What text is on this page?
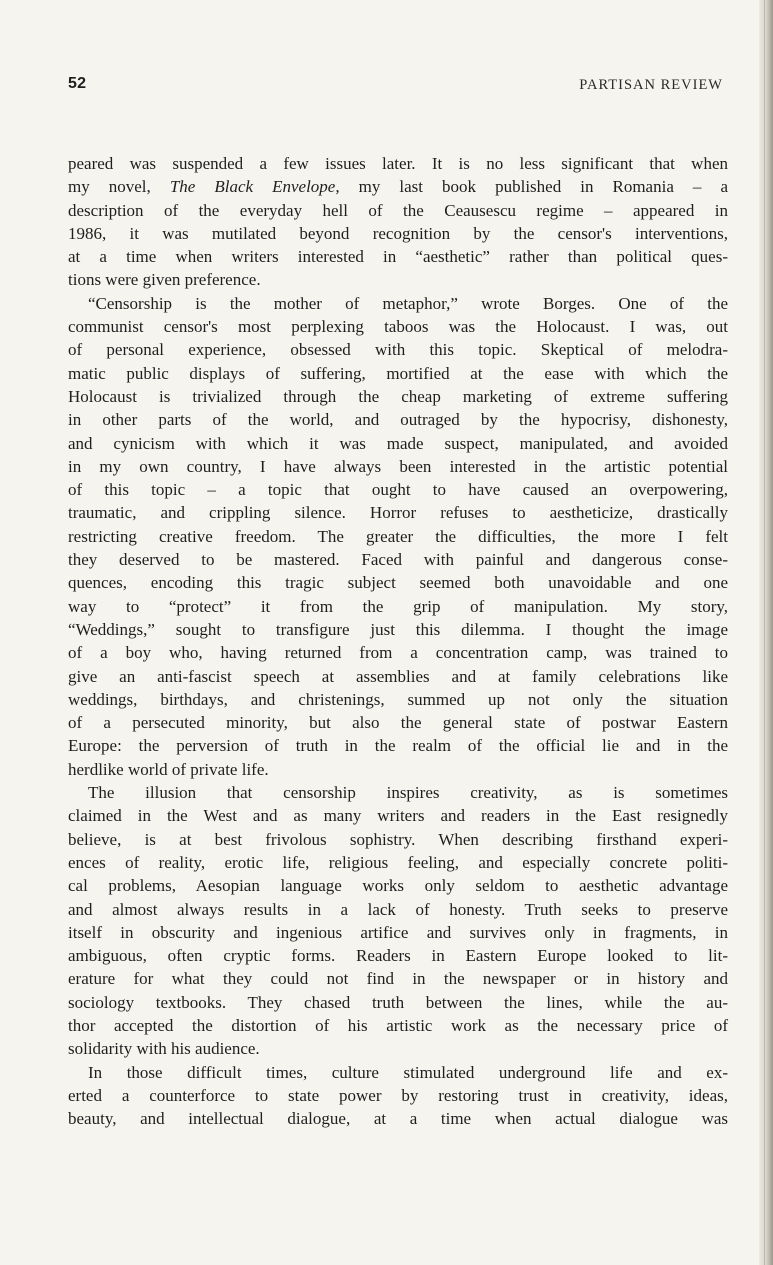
52	PARTISAN REVIEW

peared was suspended a few issues later. It is no less significant that when
my novel, The Black Envelope, my last book published in Romania – a
description of the everyday hell of the Ceausescu regime – appeared in
1986, it was mutilated beyond recognition by the censor's interventions,
at a time when writers interested in “aesthetic” rather than political ques-
tions were given preference.

“Censorship is the mother of metaphor,” wrote Borges. One of the
communist censor's most perplexing taboos was the Holocaust. I was, out
of personal experience, obsessed with this topic. Skeptical of melodra-
matic public displays of suffering, mortified at the ease with which the
Holocaust is trivialized through the cheap marketing of extreme suffering
in other parts of the world, and outraged by the hypocrisy, dishonesty,
and cynicism with which it was made suspect, manipulated, and avoided
in my own country, I have always been interested in the artistic potential
of this topic – a topic that ought to have caused an overpowering,
traumatic, and crippling silence. Horror refuses to aestheticize, drastically
restricting creative freedom. The greater the difficulties, the more I felt
they deserved to be mastered. Faced with painful and dangerous conse-
quences, encoding this tragic subject seemed both unavoidable and one
way to “protect” it from the grip of manipulation. My story,
“Weddings,” sought to transfigure just this dilemma. I thought the image
of a boy who, having returned from a concentration camp, was trained to
give an anti-fascist speech at assemblies and at family celebrations like
weddings, birthdays, and christenings, summed up not only the situation
of a persecuted minority, but also the general state of postwar Eastern
Europe: the perversion of truth in the realm of the official lie and in the
herdlike world of private life.

The illusion that censorship inspires creativity, as is sometimes
claimed in the West and as many writers and readers in the East resignedly
believe, is at best frivolous sophistry. When describing firsthand experi-
ences of reality, erotic life, religious feeling, and especially concrete politi-
cal problems, Aesopian language works only seldom to aesthetic advantage
and almost always results in a lack of honesty. Truth seeks to preserve
itself in obscurity and ingenious artifice and survives only in fragments, in
ambiguous, often cryptic forms. Readers in Eastern Europe looked to lit-
erature for what they could not find in the newspaper or in history and
sociology textbooks. They chased truth between the lines, while the au-
thor accepted the distortion of his artistic work as the necessary price of
solidarity with his audience.

In those difficult times, culture stimulated underground life and ex-
erted a counterforce to state power by restoring trust in creativity, ideas,
beauty, and intellectual dialogue, at a time when actual dialogue was
